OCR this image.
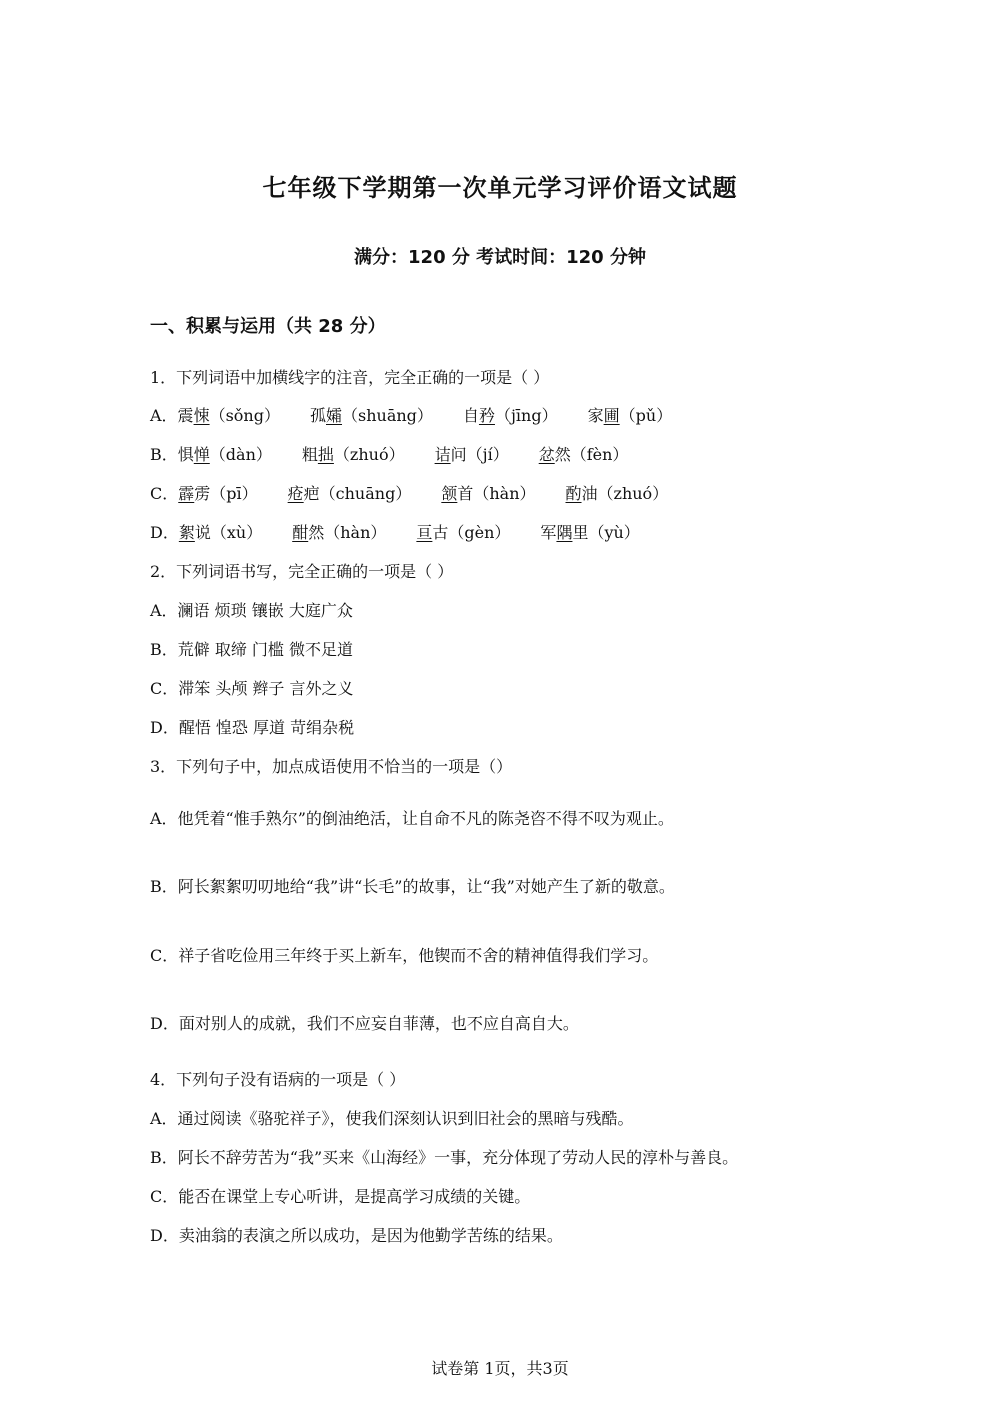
七年级下学期第一次单元学习评价语文试题
满分：120 分 考试时间：120 分钟
一、积累与运用（共 28 分）
1．下列词语中加横线字的注音，完全正确的一项是（ ）
A．震悚（sǒng） 孤孀（shuāng） 自矜（jīng） 家圃（pǔ）
B．惧惮（dàn） 粗拙（zhuó） 诘问（jí） 忿然（fèn）
C．霹雳（pī） 疮疤（chuāng） 颔首（hàn） 酌油（zhuó）
D．絮说（xù） 酣然（hàn） 亘古（gèn） 军隅里（yù）
2．下列词语书写，完全正确的一项是（ ）
A．澜语 烦琐 镶嵌 大庭广众
B．荒僻 取缔 门槛 微不足道
C．滞笨 头颅 辫子 言外之义
D．醒悟 惶恐 厚道 苛绢杂税
3．下列句子中，加点成语使用不恰当的一项是（）
A．他凭着“惟手熟尔”的倒油绝活，让自命不凡的陈尧咨不得不叹为观止。
B．阿长絮絮叨叨地给“我”讲“长毛”的故事，让“我”对她产生了新的敬意。
C．祥子省吃俭用三年终于买上新车，他锲而不舍的精神值得我们学习。
D．面对别人的成就，我们不应妄自菲薄，也不应自高自大。
4．下列句子没有语病的一项是（ ）
A．通过阅读《骆驼祥子》，使我们深刻认识到旧社会的黑暗与残酷。
B．阿长不辞劳苦为“我”买来《山海经》一事，充分体现了劳动人民的淳朴与善良。
C．能否在课堂上专心听讲，是提高学习成绩的关键。
D．卖油翁的表演之所以成功，是因为他勤学苦练的结果。
试卷第 1页，共3页
